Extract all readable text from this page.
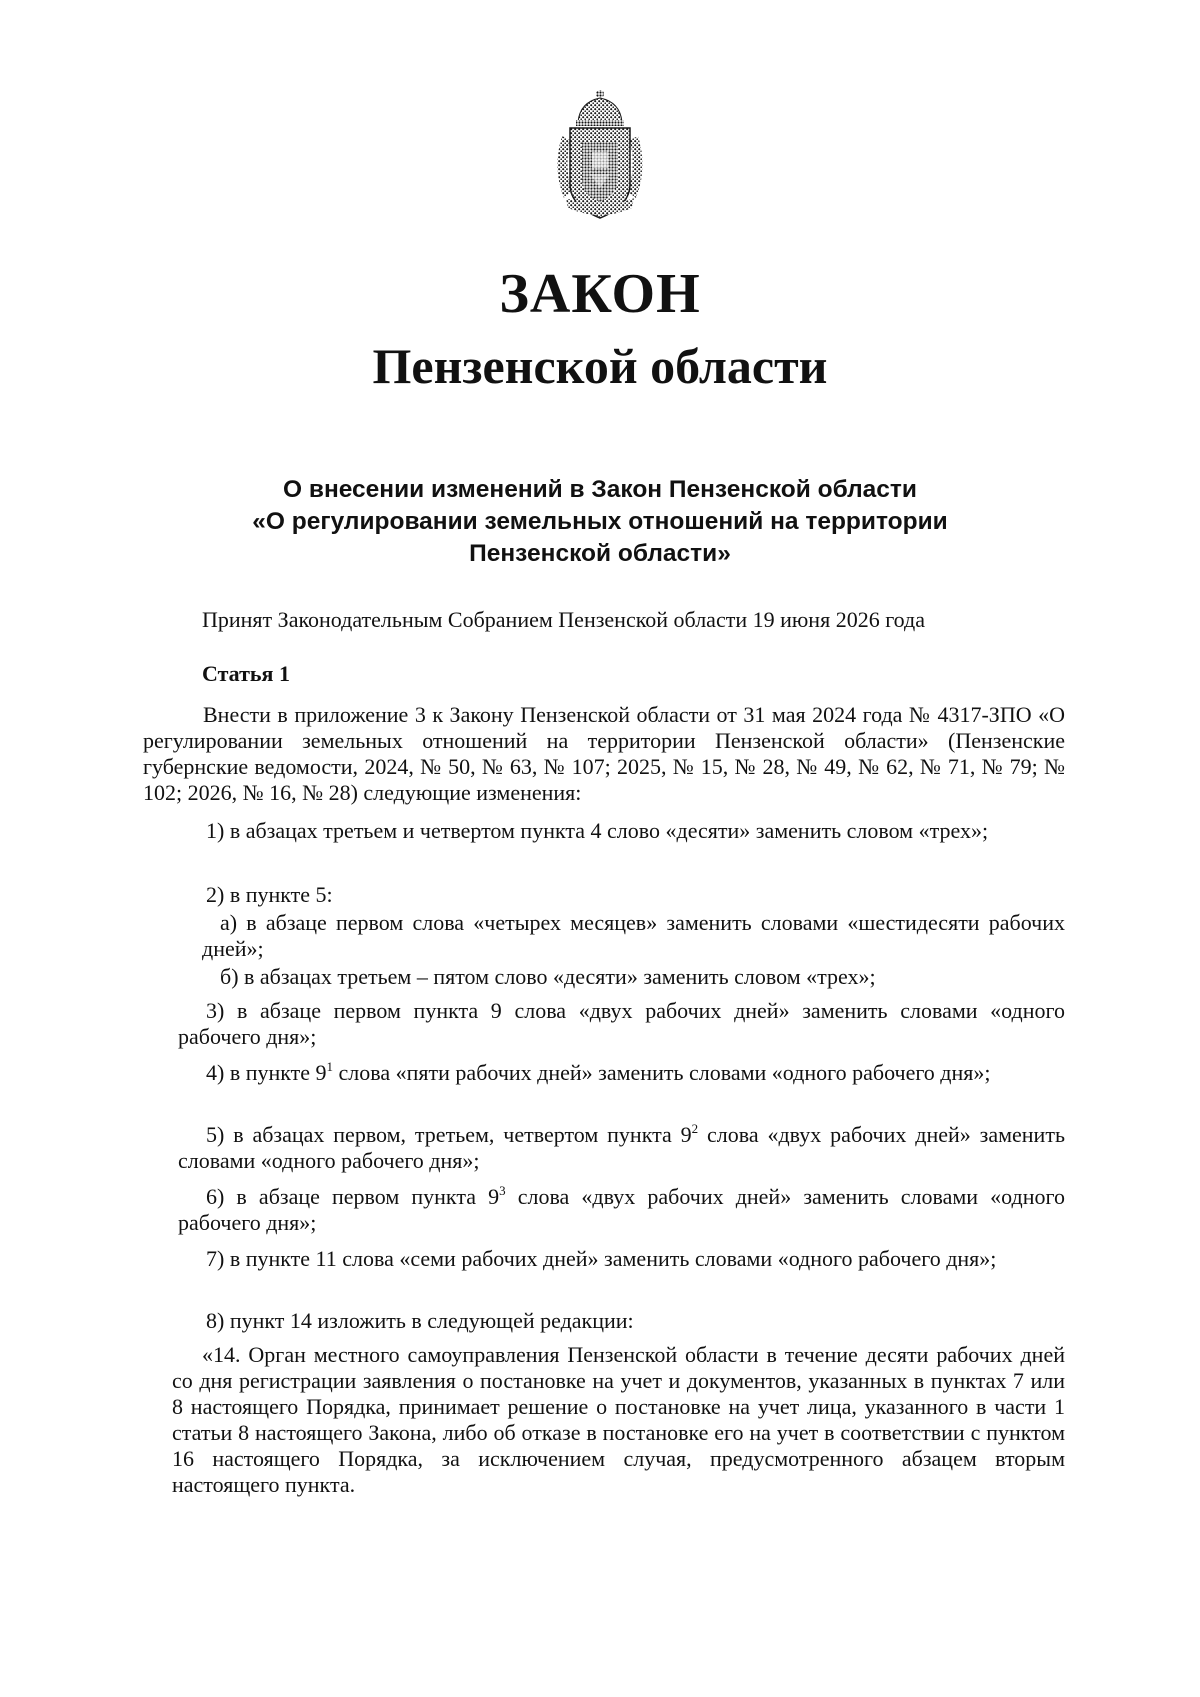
ЗАКОН
Пензенской области
О внесении изменений в Закон Пензенской области
«О регулировании земельных отношений на территории
Пензенской области»
Принят Законодательным Собранием Пензенской области 19 июня 2026 года
Статья 1
Внести в приложение 3 к Закону Пензенской области от 31 мая 2024 года № 4317-ЗПО «О регулировании земельных отношений на территории Пензенской области» (Пензенские губернские ведомости, 2024, № 50, № 63, № 107; 2025, № 15, № 28, № 49, № 62, № 71, № 79; № 102; 2026, № 16, № 28) следующие изменения:
1) в абзацах третьем и четвертом пункта 4 слово «десяти» заменить словом «трех»;
2) в пункте 5:
а) в абзаце первом слова «четырех месяцев» заменить словами «шестидесяти рабочих дней»;
б) в абзацах третьем – пятом слово «десяти» заменить словом «трех»;
3) в абзаце первом пункта 9 слова «двух рабочих дней» заменить словами «одного рабочего дня»;
4) в пункте $9^1$ слова «пяти рабочих дней» заменить словами «одного рабочего дня»;
5) в абзацах первом, третьем, четвертом пункта $9^2$ слова «двух рабочих дней» заменить словами «одного рабочего дня»;
6) в абзаце первом пункта $9^3$ слова «двух рабочих дней» заменить словами «одного рабочего дня»;
7) в пункте 11 слова «семи рабочих дней» заменить словами «одного рабочего дня»;
8) пункт 14 изложить в следующей редакции:
«14. Орган местного самоуправления Пензенской области в течение десяти рабочих дней со дня регистрации заявления о постановке на учет и документов, указанных в пунктах 7 или 8 настоящего Порядка, принимает решение о постановке на учет лица, указанного в части 1 статьи 8 настоящего Закона, либо об отказе в постановке его на учет в соответствии с пунктом 16 настоящего Порядка, за исключением случая, предусмотренного абзацем вторым настоящего пункта.
